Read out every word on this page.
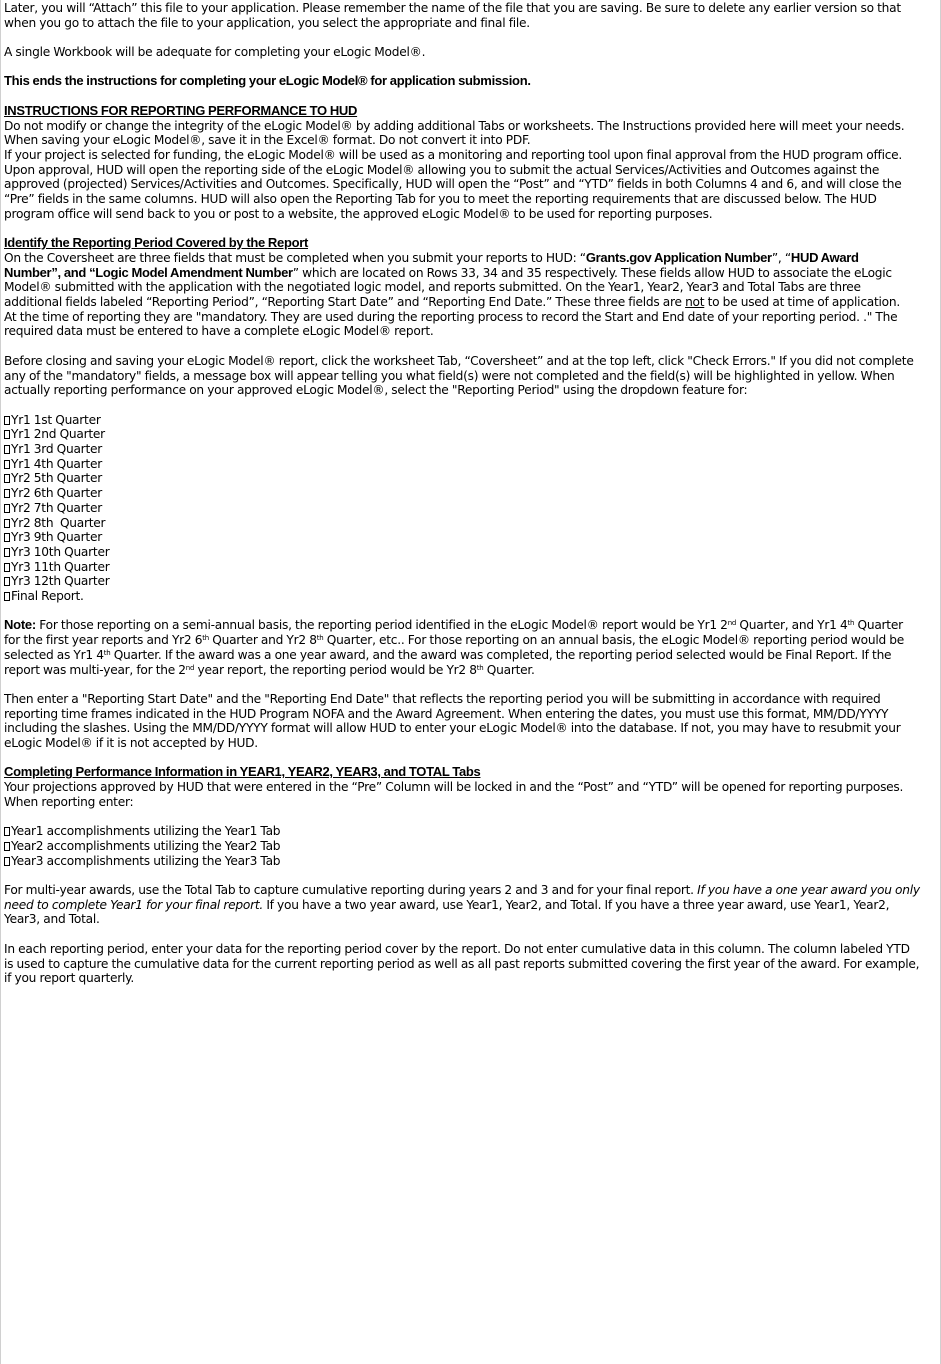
Later, you will “Attach” this file to your application. Please remember the name of the file that you are saving. Be sure to delete any earlier version so that
when you go to attach the file to your application, you select the appropriate and final file.
A single Workbook will be adequate for completing your eLogic Model®.
This ends the instructions for completing your eLogic Model® for application submission.
INSTRUCTIONS FOR REPORTING PERFORMANCE TO HUD
Do not modify or change the integrity of the eLogic Model® by adding additional Tabs or worksheets. The Instructions provided here will meet your needs.
When saving your eLogic Model®, save it in the Excel® format. Do not convert it into PDF.
If your project is selected for funding, the eLogic Model® will be used as a monitoring and reporting tool upon final approval from the HUD program office.
Upon approval, HUD will open the reporting side of the eLogic Model® allowing you to submit the actual Services/Activities and Outcomes against the
approved (projected) Services/Activities and Outcomes. Specifically, HUD will open the “Post” and “YTD” fields in both Columns 4 and 6, and will close the
“Pre” fields in the same columns. HUD will also open the Reporting Tab for you to meet the reporting requirements that are discussed below. The HUD
program office will send back to you or post to a website, the approved eLogic Model® to be used for reporting purposes.
Identify the Reporting Period Covered by the Report
On the Coversheet are three fields that must be completed when you submit your reports to HUD: “Grants.gov Application Number”, “HUD Award
Number”, and “Logic Model Amendment Number” which are located on Rows 33, 34 and 35 respectively. These fields allow HUD to associate the eLogic
Model® submitted with the application with the negotiated logic model, and reports submitted. On the Year1, Year2, Year3 and Total Tabs are three
additional fields labeled “Reporting Period”, “Reporting Start Date” and “Reporting End Date.” These three fields are not to be used at time of application.
At the time of reporting they are "mandatory. They are used during the reporting process to record the Start and End date of your reporting period. ." The
required data must be entered to have a complete eLogic Model® report.
Before closing and saving your eLogic Model® report, click the worksheet Tab, “Coversheet” and at the top left, click "Check Errors." If you did not complete
any of the "mandatory" fields, a message box will appear telling you what field(s) were not completed and the field(s) will be highlighted in yellow. When
actually reporting performance on your approved eLogic Model®, select the "Reporting Period" using the dropdown feature for:
Yr1 1st Quarter
Yr1 2nd Quarter
Yr1 3rd Quarter
Yr1 4th Quarter
Yr2 5th Quarter
Yr2 6th Quarter
Yr2 7th Quarter
Yr2 8th  Quarter
Yr3 9th Quarter
Yr3 10th Quarter
Yr3 11th Quarter
Yr3 12th Quarter
Final Report.
Note: For those reporting on a semi-annual basis, the reporting period identified in the eLogic Model® report would be Yr1 2nd Quarter, and Yr1 4th Quarter
for the first year reports and Yr2 6th Quarter and Yr2 8th Quarter, etc.. For those reporting on an annual basis, the eLogic Model® reporting period would be
selected as Yr1 4th Quarter. If the award was a one year award, and the award was completed, the reporting period selected would be Final Report. If the
report was multi-year, for the 2nd year report, the reporting period would be Yr2 8th Quarter.
Then enter a "Reporting Start Date" and the "Reporting End Date" that reflects the reporting period you will be submitting in accordance with required
reporting time frames indicated in the HUD Program NOFA and the Award Agreement. When entering the dates, you must use this format, MM/DD/YYYY
including the slashes. Using the MM/DD/YYYY format will allow HUD to enter your eLogic Model® into the database. If not, you may have to resubmit your
eLogic Model® if it is not accepted by HUD.
Completing Performance Information in YEAR1, YEAR2, YEAR3, and TOTAL Tabs
Your projections approved by HUD that were entered in the “Pre” Column will be locked in and the “Post” and “YTD” will be opened for reporting purposes.
When reporting enter:
Year1 accomplishments utilizing the Year1 Tab
Year2 accomplishments utilizing the Year2 Tab
Year3 accomplishments utilizing the Year3 Tab
For multi-year awards, use the Total Tab to capture cumulative reporting during years 2 and 3 and for your final report. If you have a one year award you only
need to complete Year1 for your final report. If you have a two year award, use Year1, Year2, and Total. If you have a three year award, use Year1, Year2,
Year3, and Total.
In each reporting period, enter your data for the reporting period cover by the report. Do not enter cumulative data in this column. The column labeled YTD
is used to capture the cumulative data for the current reporting period as well as all past reports submitted covering the first year of the award. For example,
if you report quarterly.
